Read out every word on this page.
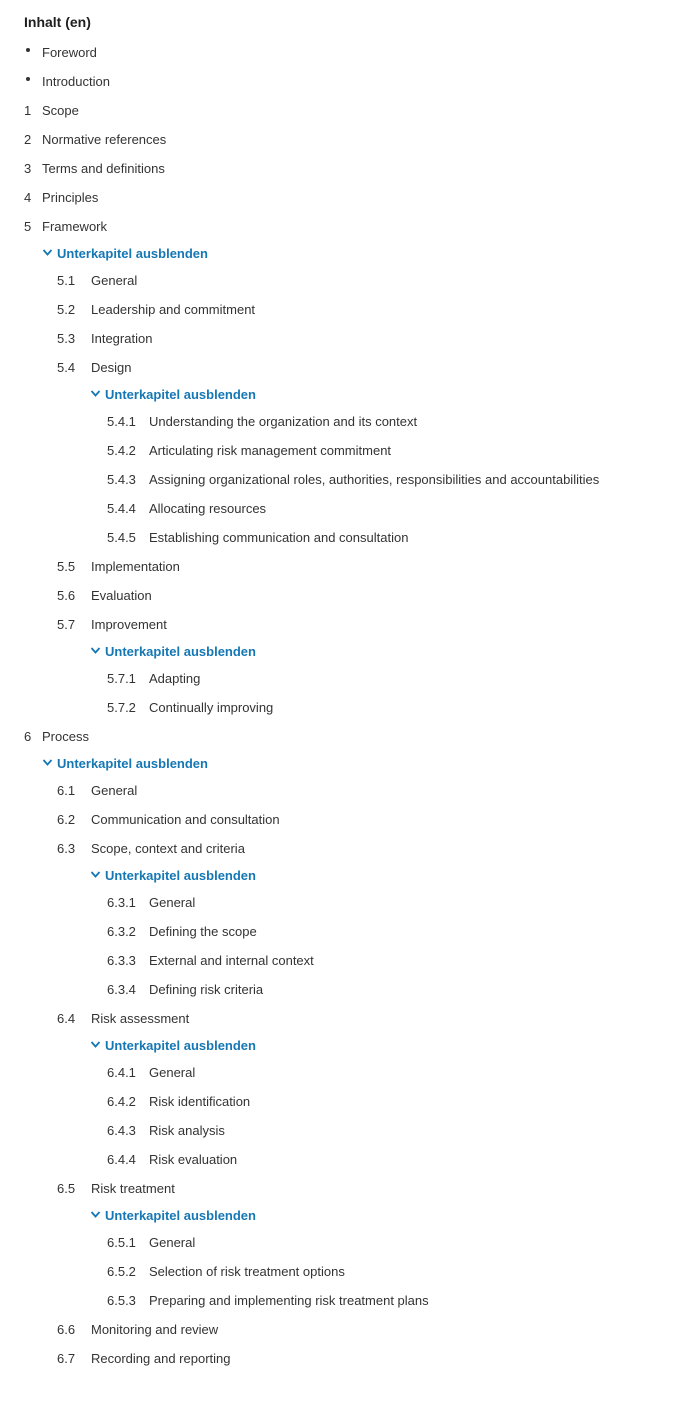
Inhalt (en)
Foreword
Introduction
1 Scope
2 Normative references
3 Terms and definitions
4 Principles
5 Framework
Unterkapitel ausblenden
5.1	General
5.2	Leadership and commitment
5.3	Integration
5.4	Design
Unterkapitel ausblenden
5.4.1	Understanding the organization and its context
5.4.2	Articulating risk management commitment
5.4.3	Assigning organizational roles, authorities, responsibilities and accountabilities
5.4.4	Allocating resources
5.4.5	Establishing communication and consultation
5.5	Implementation
5.6	Evaluation
5.7	Improvement
Unterkapitel ausblenden
5.7.1	Adapting
5.7.2	Continually improving
6 Process
Unterkapitel ausblenden
6.1	General
6.2	Communication and consultation
6.3	Scope, context and criteria
Unterkapitel ausblenden
6.3.1	General
6.3.2	Defining the scope
6.3.3	External and internal context
6.3.4	Defining risk criteria
6.4	Risk assessment
Unterkapitel ausblenden
6.4.1	General
6.4.2	Risk identification
6.4.3	Risk analysis
6.4.4	Risk evaluation
6.5	Risk treatment
Unterkapitel ausblenden
6.5.1	General
6.5.2	Selection of risk treatment options
6.5.3	Preparing and implementing risk treatment plans
6.6	Monitoring and review
6.7	Recording and reporting
